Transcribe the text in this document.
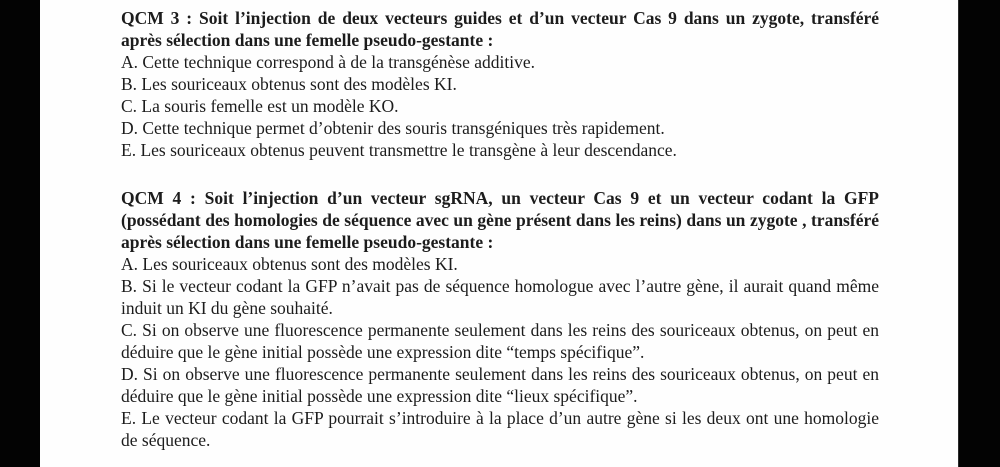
QCM 3 : Soit l’injection de deux vecteurs guides et d’un vecteur Cas 9 dans un zygote, transféré après sélection dans une femelle pseudo-gestante :

A. Cette technique correspond à de la transgénèse additive.

B. Les souriceaux obtenus sont des modèles KI.

C. La souris femelle est un modèle KO.

D. Cette technique permet d’obtenir des souris transgéniques très rapidement.

E. Les souriceaux obtenus peuvent transmettre le transgène à leur descendance.

QCM 4 : Soit l’injection d’un vecteur sgRNA, un vecteur Cas 9 et un vecteur codant la GFP (possédant des homologies de séquence avec un gène présent dans les reins) dans un zygote , transféré après sélection dans une femelle pseudo-gestante :

A. Les souriceaux obtenus sont des modèles KI.

B. Si le vecteur codant la GFP n’avait pas de séquence homologue avec l’autre gène, il aurait quand même induit un KI du gène souhaité.

C. Si on observe une fluorescence permanente seulement dans les reins des souriceaux obtenus, on peut en déduire que le gène initial possède une expression dite “temps spécifique”.

D. Si on observe une fluorescence permanente seulement dans les reins des souriceaux obtenus, on peut en déduire que le gène initial possède une expression dite “lieux spécifique”.

E. Le vecteur codant la GFP pourrait s’introduire à la place d’un autre gène si les deux ont une homologie de séquence.
